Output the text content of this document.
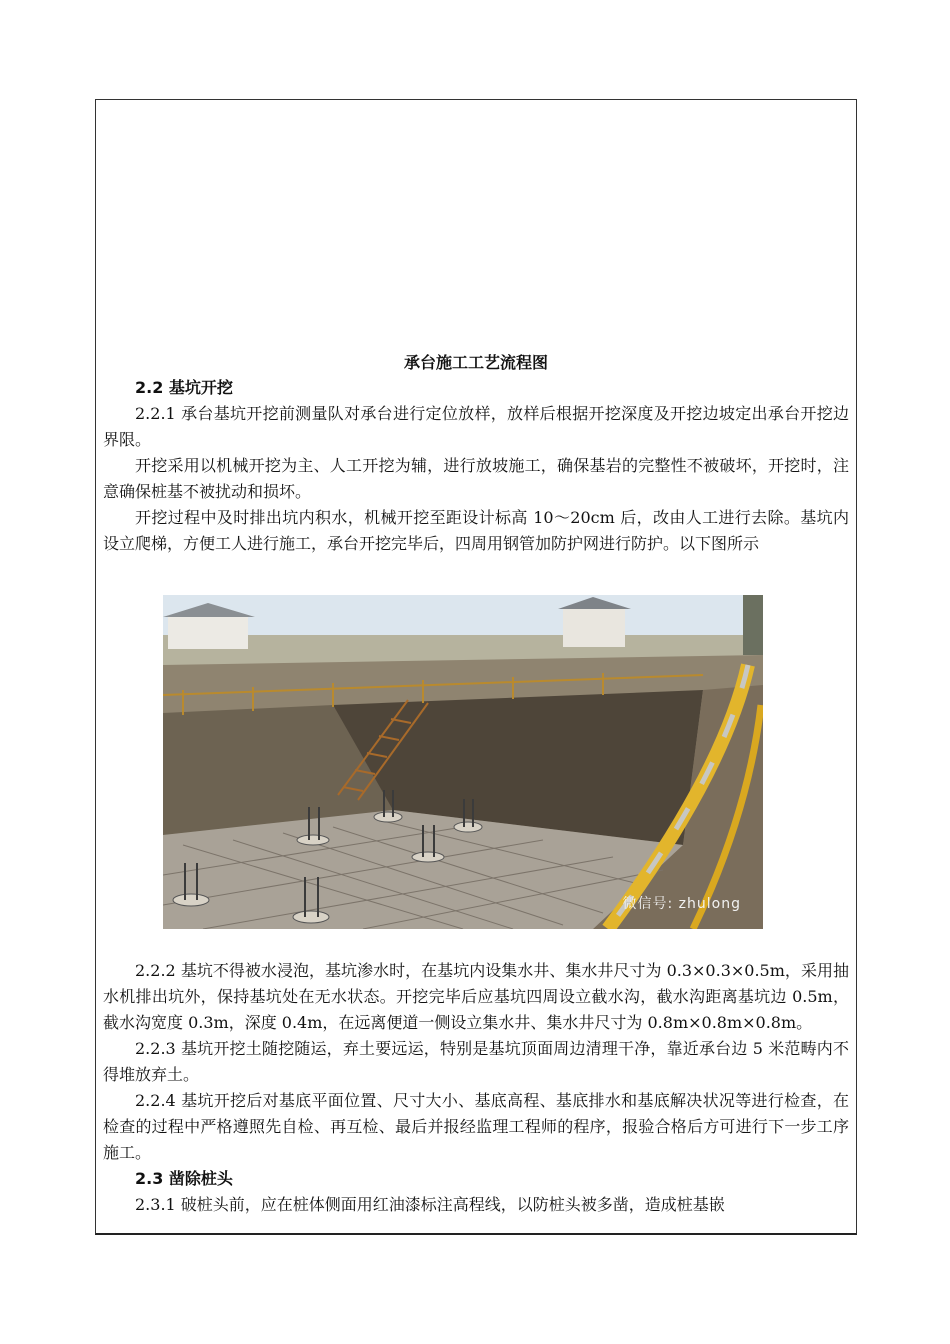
承台施工工艺流程图
2.2 基坑开挖

2.2.1 承台基坑开挖前测量队对承台进行定位放样，放样后根据开挖深度及开挖边坡定出承台开挖边界限。

开挖采用以机械开挖为主、人工开挖为辅，进行放坡施工，确保基岩的完整性不被破坏，开挖时，注意确保桩基不被扰动和损坏。

开挖过程中及时排出坑内积水，机械开挖至距设计标高 10～20cm 后，改由人工进行去除。基坑内设立爬梯，方便工人进行施工，承台开挖完毕后，四周用钢管加防护网进行防护。以下图所示

微信号: zhulong

2.2.2 基坑不得被水浸泡，基坑渗水时，在基坑内设集水井、集水井尺寸为 0.3×0.3×0.5m，采用抽水机排出坑外，保持基坑处在无水状态。开挖完毕后应基坑四周设立截水沟，截水沟距离基坑边 0.5m，截水沟宽度 0.3m，深度 0.4m，在远离便道一侧设立集水井、集水井尺寸为 0.8m×0.8m×0.8m。

2.2.3 基坑开挖土随挖随运，弃土要远运，特别是基坑顶面周边清理干净，靠近承台边 5 米范畴内不得堆放弃土。

2.2.4 基坑开挖后对基底平面位置、尺寸大小、基底高程、基底排水和基底解决状况等进行检查，在检查的过程中严格遵照先自检、再互检、最后并报经监理工程师的程序，报验合格后方可进行下一步工序施工。

2.3 凿除桩头

2.3.1 破桩头前，应在桩体侧面用红油漆标注高程线，以防桩头被多凿，造成桩基嵌
